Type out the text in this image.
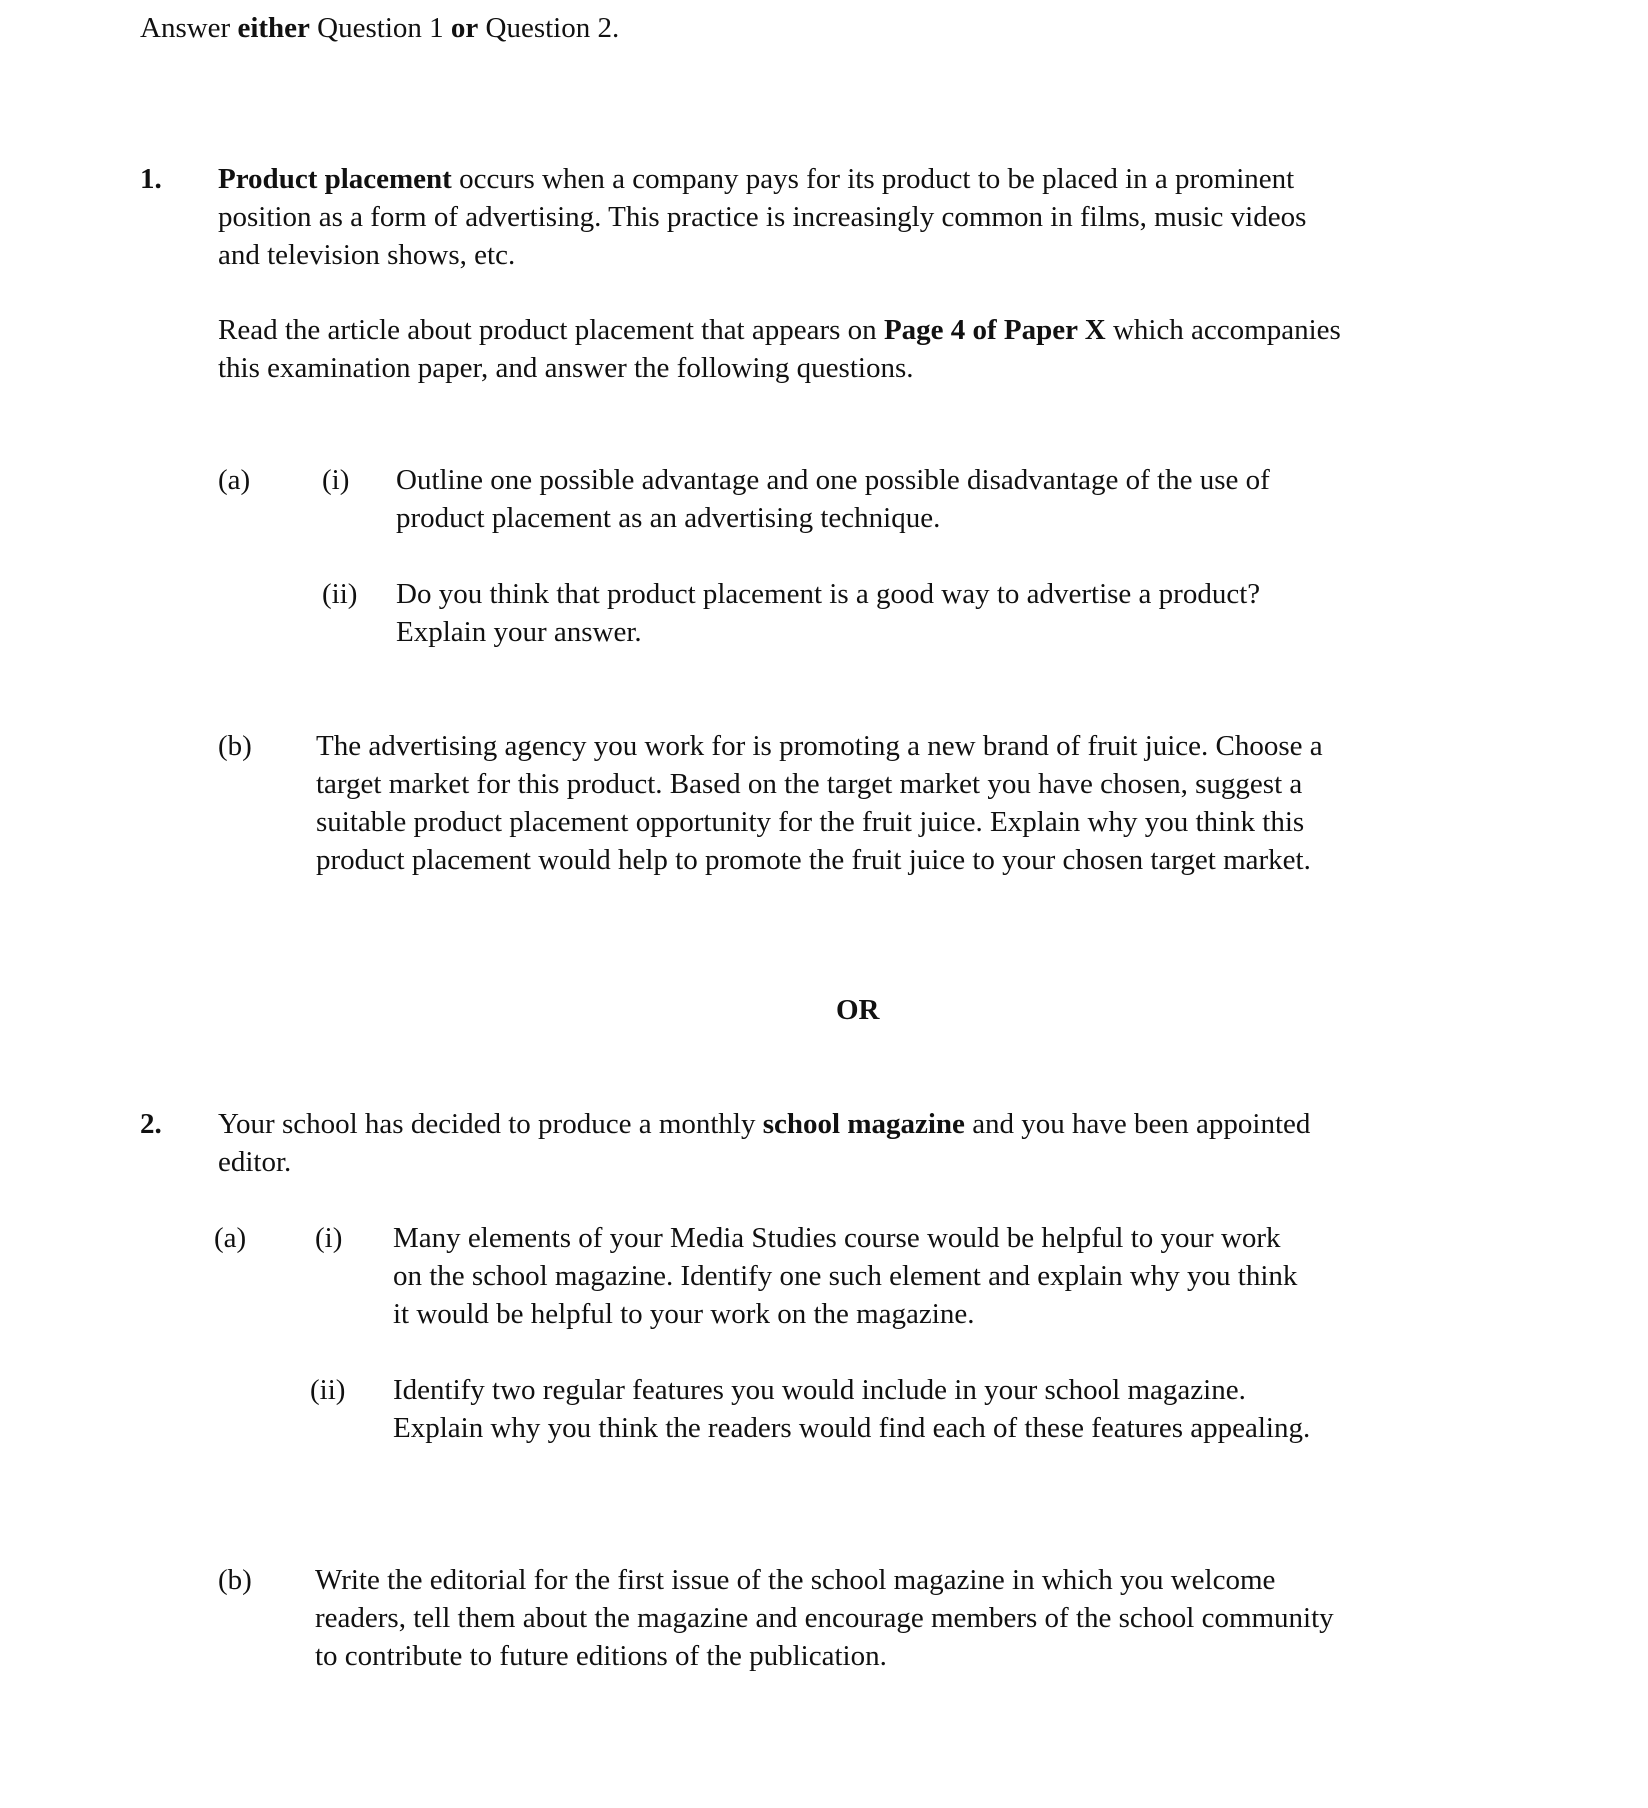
Answer either Question 1 or Question 2.
1. Product placement occurs when a company pays for its product to be placed in a prominent
position as a form of advertising. This practice is increasingly common in films, music videos
and television shows, etc.
Read the article about product placement that appears on Page 4 of Paper X which accompanies
this examination paper, and answer the following questions.
(a) (i) Outline one possible advantage and one possible disadvantage of the use of
product placement as an advertising technique.
(ii) Do you think that product placement is a good way to advertise a product?
Explain your answer.
(b) The advertising agency you work for is promoting a new brand of fruit juice. Choose a
target market for this product. Based on the target market you have chosen, suggest a
suitable product placement opportunity for the fruit juice. Explain why you think this
product placement would help to promote the fruit juice to your chosen target market.
OR
2. Your school has decided to produce a monthly school magazine and you have been appointed
editor.
(a) (i) Many elements of your Media Studies course would be helpful to your work
on the school magazine. Identify one such element and explain why you think
it would be helpful to your work on the magazine.
(ii) Identify two regular features you would include in your school magazine.
Explain why you think the readers would find each of these features appealing.
(b) Write the editorial for the first issue of the school magazine in which you welcome
readers, tell them about the magazine and encourage members of the school community
to contribute to future editions of the publication.
